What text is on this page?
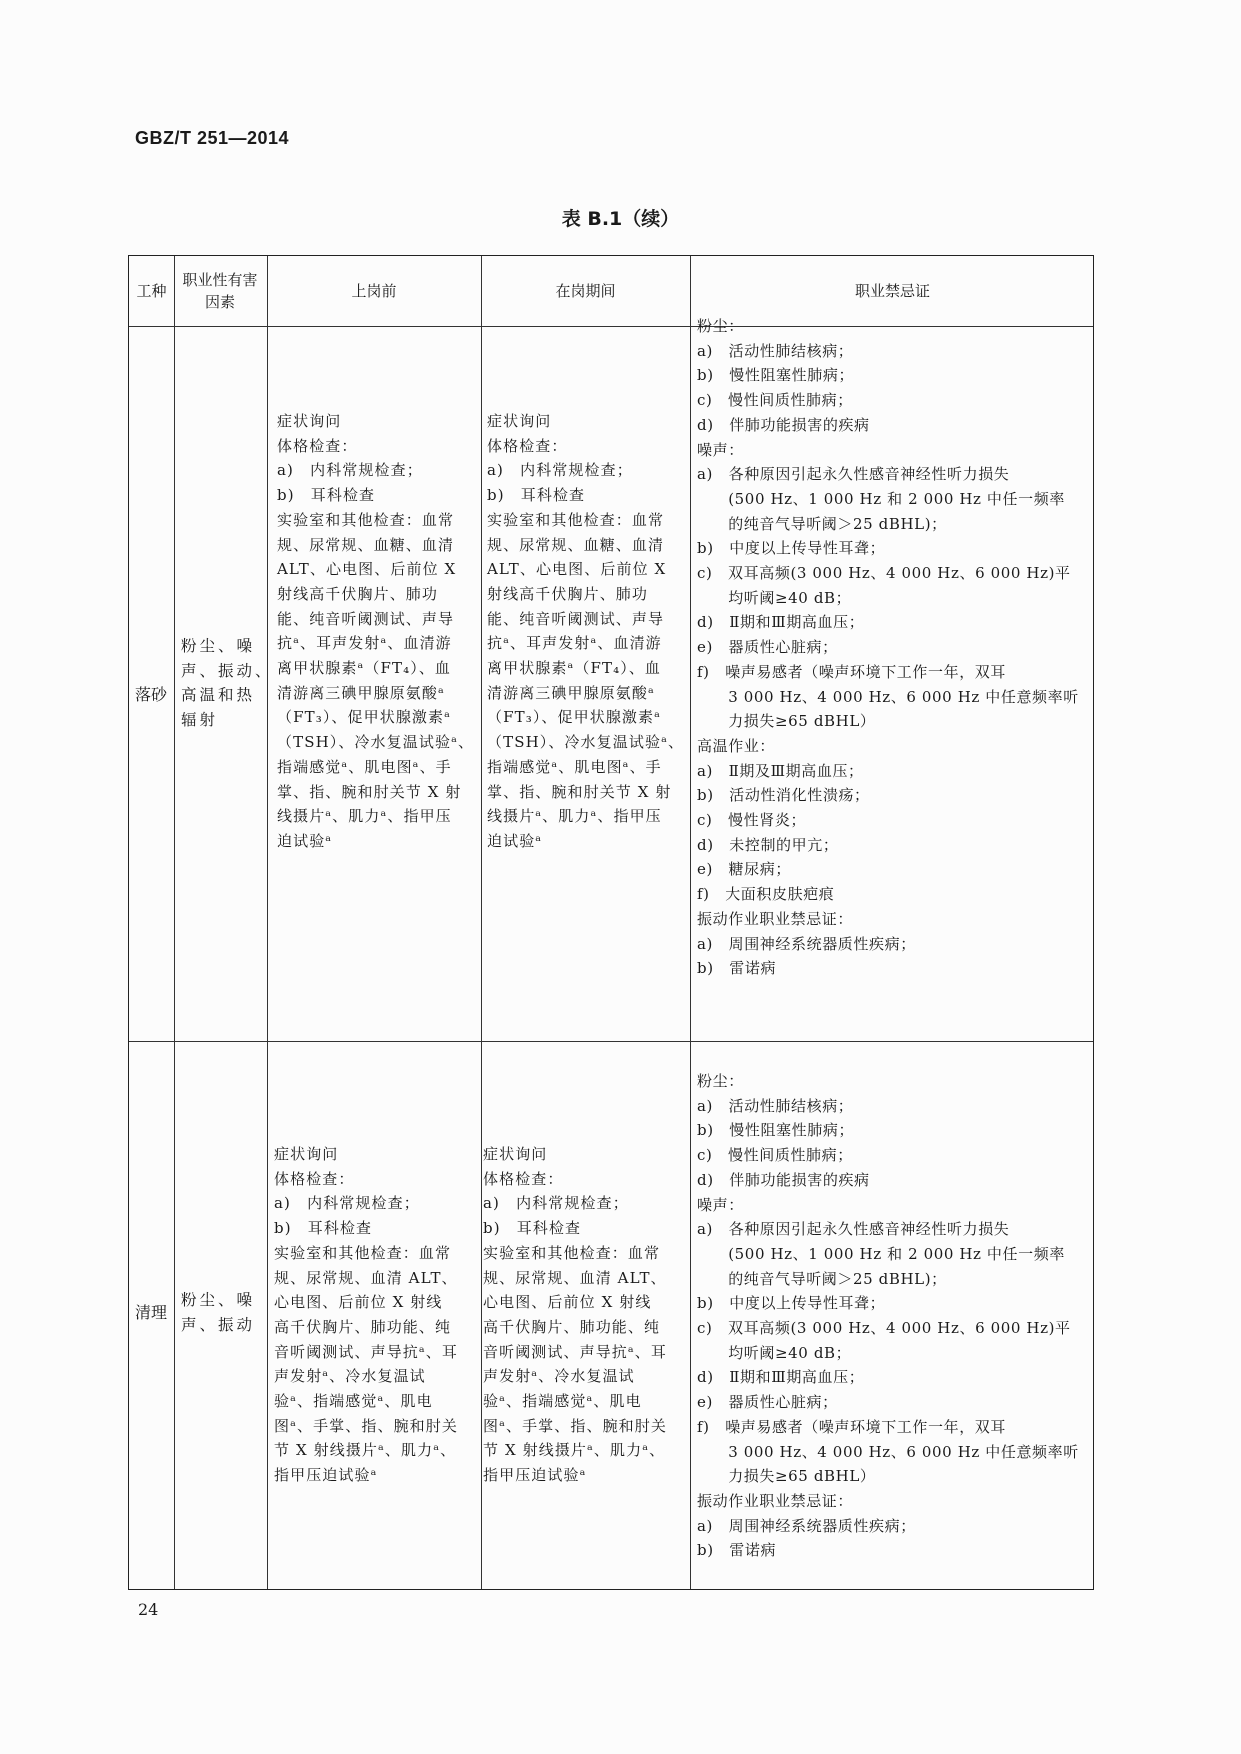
GBZ/T 251—2014
表 B.1（续）
工种
职业性有害因素
上岗前	在岗期间	职业禁忌证
落砂
粉尘、噪
声、振动、
高温和热
辐射
症状询问
体格检查：
a)　内科常规检查；
b)　耳科检查
实验室和其他检查：血常
规、尿常规、血糖、血清
ALT、心电图、后前位 X
射线高千伏胸片、肺功
能、纯音听阈测试、声导
抗ᵃ、耳声发射ᵃ、血清游
离甲状腺素ᵃ（FT₄）、血
清游离三碘甲腺原氨酸ᵃ
（FT₃）、促甲状腺激素ᵃ
（TSH）、冷水复温试验ᵃ、
指端感觉ᵃ、肌电图ᵃ、手
掌、指、腕和肘关节 X 射
线摄片ᵃ、肌力ᵃ、指甲压
迫试验ᵃ
症状询问
体格检查：
a)　内科常规检查；
b)　耳科检查
实验室和其他检查：血常
规、尿常规、血糖、血清
ALT、心电图、后前位 X
射线高千伏胸片、肺功
能、纯音听阈测试、声导
抗ᵃ、耳声发射ᵃ、血清游
离甲状腺素ᵃ（FT₄）、血
清游离三碘甲腺原氨酸ᵃ
（FT₃）、促甲状腺激素ᵃ
（TSH）、冷水复温试验ᵃ、
指端感觉ᵃ、肌电图ᵃ、手
掌、指、腕和肘关节 X 射
线摄片ᵃ、肌力ᵃ、指甲压
迫试验ᵃ
粉尘：
a)　活动性肺结核病；
b)　慢性阻塞性肺病；
c)　慢性间质性肺病；
d)　伴肺功能损害的疾病
噪声：
a)　各种原因引起永久性感音神经性听力损失
　　(500 Hz、1 000 Hz 和 2 000 Hz 中任一频率
　　的纯音气导听阈＞25 dBHL)；
b)　中度以上传导性耳聋；
c)　双耳高频(3 000 Hz、4 000 Hz、6 000 Hz)平
　　均听阈≥40 dB；
d)　Ⅱ期和Ⅲ期高血压；
e)　器质性心脏病；
f)　噪声易感者（噪声环境下工作一年，双耳
　　3 000 Hz、4 000 Hz、6 000 Hz 中任意频率听
　　力损失≥65 dBHL）
高温作业：
a)　Ⅱ期及Ⅲ期高血压；
b)　活动性消化性溃疡；
c)　慢性肾炎；
d)　未控制的甲亢；
e)　糖尿病；
f)　大面积皮肤疤痕
振动作业职业禁忌证：
a)　周围神经系统器质性疾病；
b)　雷诺病
清理
粉尘、噪
声、振动
症状询问
体格检查：
a)　内科常规检查；
b)　耳科检查
实验室和其他检查：血常
规、尿常规、血清 ALT、
心电图、后前位 X 射线
高千伏胸片、肺功能、纯
音听阈测试、声导抗ᵃ、耳
声发射ᵃ、冷水复温试
验ᵃ、指端感觉ᵃ、肌电
图ᵃ、手掌、指、腕和肘关
节 X 射线摄片ᵃ、肌力ᵃ、
指甲压迫试验ᵃ
症状询问
体格检查：
a)　内科常规检查；
b)　耳科检查
实验室和其他检查：血常
规、尿常规、血清 ALT、
心电图、后前位 X 射线
高千伏胸片、肺功能、纯
音听阈测试、声导抗ᵃ、耳
声发射ᵃ、冷水复温试
验ᵃ、指端感觉ᵃ、肌电
图ᵃ、手掌、指、腕和肘关
节 X 射线摄片ᵃ、肌力ᵃ、
指甲压迫试验ᵃ
粉尘：
a)　活动性肺结核病；
b)　慢性阻塞性肺病；
c)　慢性间质性肺病；
d)　伴肺功能损害的疾病
噪声：
a)　各种原因引起永久性感音神经性听力损失
　　(500 Hz、1 000 Hz 和 2 000 Hz 中任一频率
　　的纯音气导听阈＞25 dBHL)；
b)　中度以上传导性耳聋；
c)　双耳高频(3 000 Hz、4 000 Hz、6 000 Hz)平
　　均听阈≥40 dB；
d)　Ⅱ期和Ⅲ期高血压；
e)　器质性心脏病；
f)　噪声易感者（噪声环境下工作一年，双耳
　　3 000 Hz、4 000 Hz、6 000 Hz 中任意频率听
　　力损失≥65 dBHL）
振动作业职业禁忌证：
a)　周围神经系统器质性疾病；
b)　雷诺病
24
